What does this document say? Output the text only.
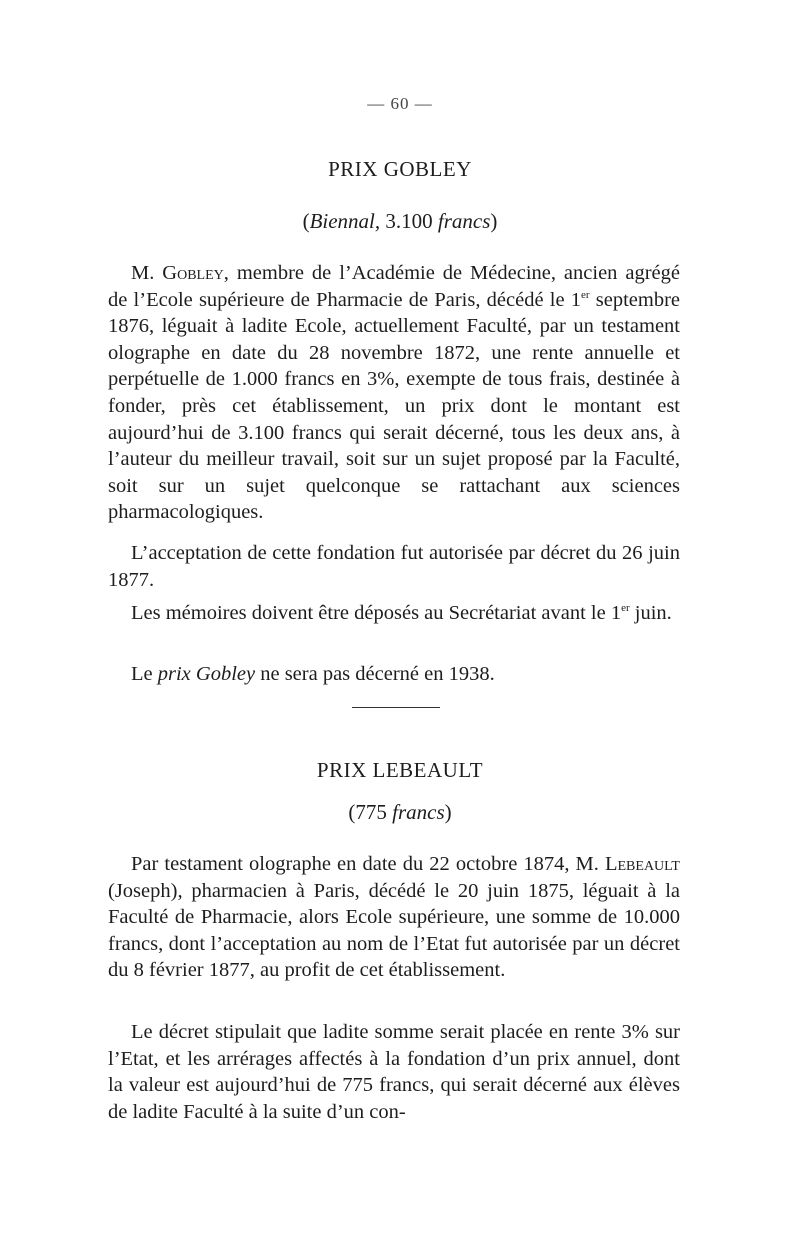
— 60 —
PRIX GOBLEY

(Biennal, 3.100 francs)

M. Gobley, membre de l’Académie de Médecine, ancien agrégé de l’Ecole supérieure de Pharmacie de Paris, décédé le 1er septembre 1876, léguait à ladite Ecole, actuellement Faculté, par un testament olographe en date du 28 novembre 1872, une rente annuelle et perpétuelle de 1.000 francs en 3%, exempte de tous frais, destinée à fonder, près cet établissement, un prix dont le montant est aujourd’hui de 3.100 francs qui serait décerné, tous les deux ans, à l’auteur du meilleur travail, soit sur un sujet proposé par la Faculté, soit sur un sujet quelconque se rattachant aux sciences pharmacologiques.

L’acceptation de cette fondation fut autorisée par décret du 26 juin 1877.

Les mémoires doivent être déposés au Secrétariat avant le 1er juin.

Le prix Gobley ne sera pas décerné en 1938.

PRIX LEBEAULT

(775 francs)

Par testament olographe en date du 22 octobre 1874, M. Lebeault (Joseph), pharmacien à Paris, décédé le 20 juin 1875, léguait à la Faculté de Pharmacie, alors Ecole supérieure, une somme de 10.000 francs, dont l’acceptation au nom de l’Etat fut autorisée par un décret du 8 février 1877, au profit de cet établissement.

Le décret stipulait que ladite somme serait placée en rente 3% sur l’Etat, et les arrérages affectés à la fondation d’un prix annuel, dont la valeur est aujourd’hui de 775 francs, qui serait décerné aux élèves de ladite Faculté à la suite d’un con-
